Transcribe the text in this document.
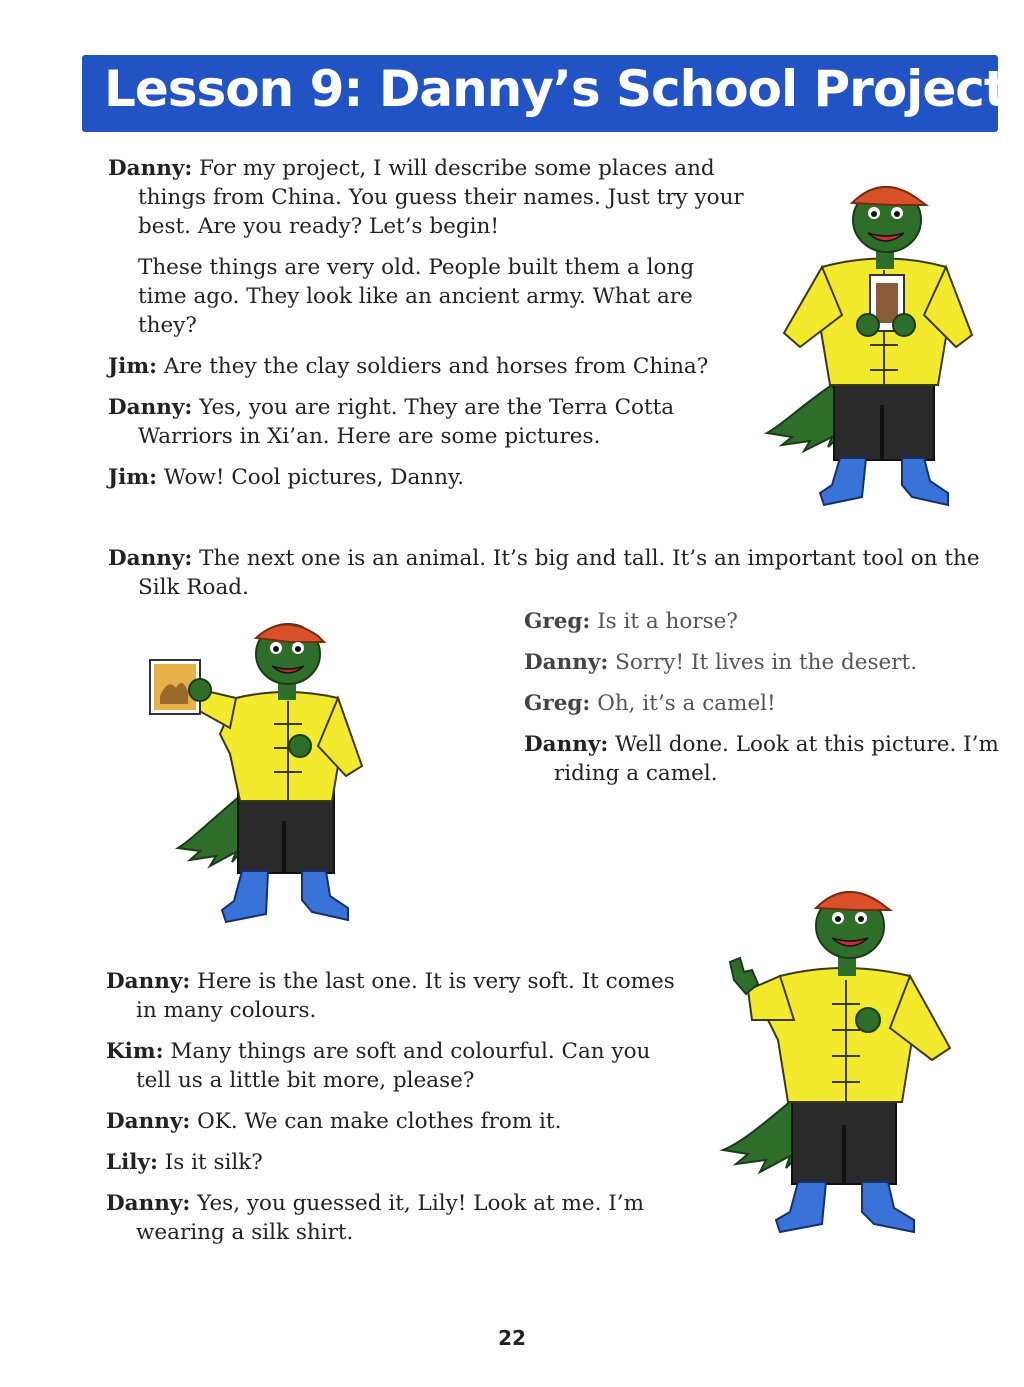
Lesson 9: Danny’s School Project
Danny: For my project, I will describe some places and things from China. You guess their names. Just try your best. Are you ready? Let’s begin!
These things are very old. People built them a long time ago. They look like an ancient army. What are they?
Jim: Are they the clay soldiers and horses from China?
Danny: Yes, you are right. They are the Terra Cotta Warriors in Xi’an. Here are some pictures.
Jim: Wow! Cool pictures, Danny.
Danny: The next one is an animal. It’s big and tall. It’s an important tool on the Silk Road.
Greg: Is it a horse?
Danny: Sorry! It lives in the desert.
Greg: Oh, it’s a camel!
Danny: Well done. Look at this picture. I’m riding a camel.
Danny: Here is the last one. It is very soft. It comes in many colours.
Kim: Many things are soft and colourful. Can you tell us a little bit more, please?
Danny: OK. We can make clothes from it.
Lily: Is it silk?
Danny: Yes, you guessed it, Lily! Look at me. I’m wearing a silk shirt.
22
